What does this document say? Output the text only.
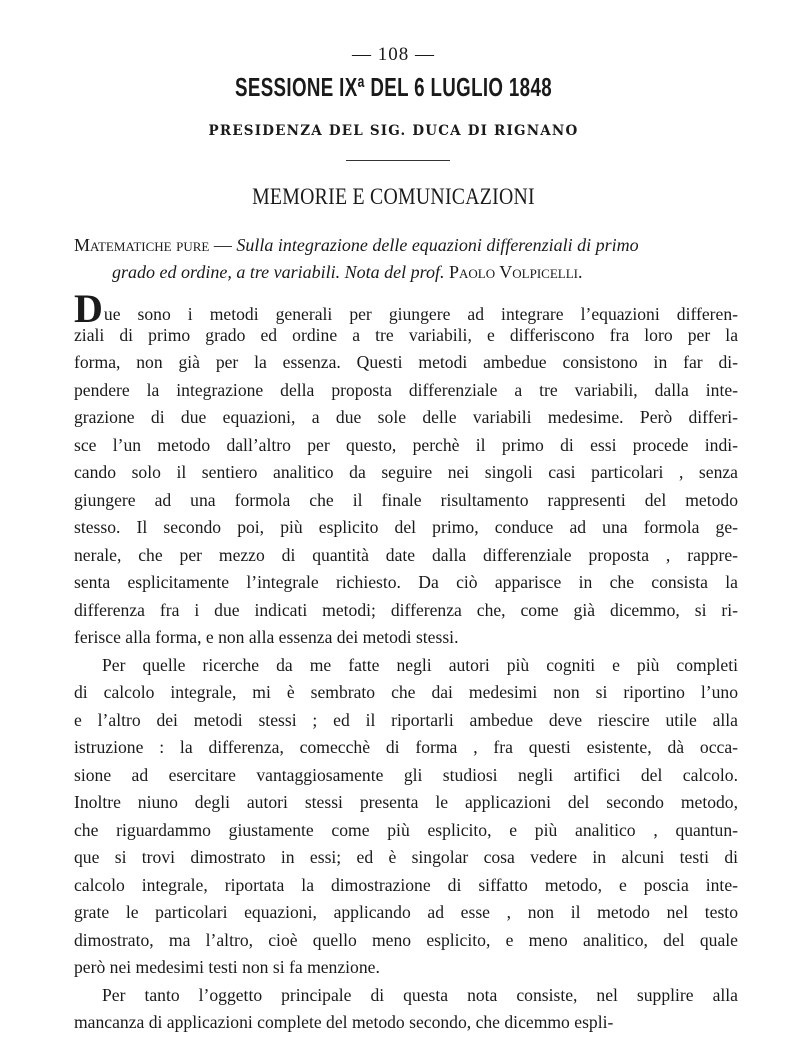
— 108 —
SESSIONE IXª DEL 6 LUGLIO 1848
PRESIDENZA DEL SIG. DUCA DI RIGNANO
MEMORIE E COMUNICAZIONI
Matematiche pure — Sulla integrazione delle equazioni differenziali di primo
grado ed ordine, a tre variabili. Nota del prof. Paolo Volpicelli.
Due sono i metodi generali per giungere ad integrare l’equazioni differen-
ziali di primo grado ed ordine a tre variabili, e differiscono fra loro per la
forma, non già per la essenza. Questi metodi ambedue consistono in far di-
pendere la integrazione della proposta differenziale a tre variabili, dalla inte-
grazione di due equazioni, a due sole delle variabili medesime. Però differi-
sce l’un metodo dall’altro per questo, perchè il primo di essi procede indi-
cando solo il sentiero analitico da seguire nei singoli casi particolari , senza
giungere ad una formola che il finale risultamento rappresenti del metodo
stesso. Il secondo poi, più esplicito del primo, conduce ad una formola ge-
nerale, che per mezzo di quantità date dalla differenziale proposta , rappre-
senta esplicitamente l’integrale richiesto. Da ciò apparisce in che consista la
differenza fra i due indicati metodi; differenza che, come già dicemmo, si ri-
ferisce alla forma, e non alla essenza dei metodi stessi.
Per quelle ricerche da me fatte negli autori più cogniti e più completi
di calcolo integrale, mi è sembrato che dai medesimi non si riportino l’uno
e l’altro dei metodi stessi ; ed il riportarli ambedue deve riescire utile alla
istruzione : la differenza, comecchè di forma , fra questi esistente, dà occa-
sione ad esercitare vantaggiosamente gli studiosi negli artifici del calcolo.
Inoltre niuno degli autori stessi presenta le applicazioni del secondo metodo,
che riguardammo giustamente come più esplicito, e più analitico , quantun-
que si trovi dimostrato in essi; ed è singolar cosa vedere in alcuni testi di
calcolo integrale, riportata la dimostrazione di siffatto metodo, e poscia inte-
grate le particolari equazioni, applicando ad esse , non il metodo nel testo
dimostrato, ma l’altro, cioè quello meno esplicito, e meno analitico, del quale
però nei medesimi testi non si fa menzione.
Per tanto l’oggetto principale di questa nota consiste, nel supplire alla
mancanza di applicazioni complete del metodo secondo, che dicemmo espli-
